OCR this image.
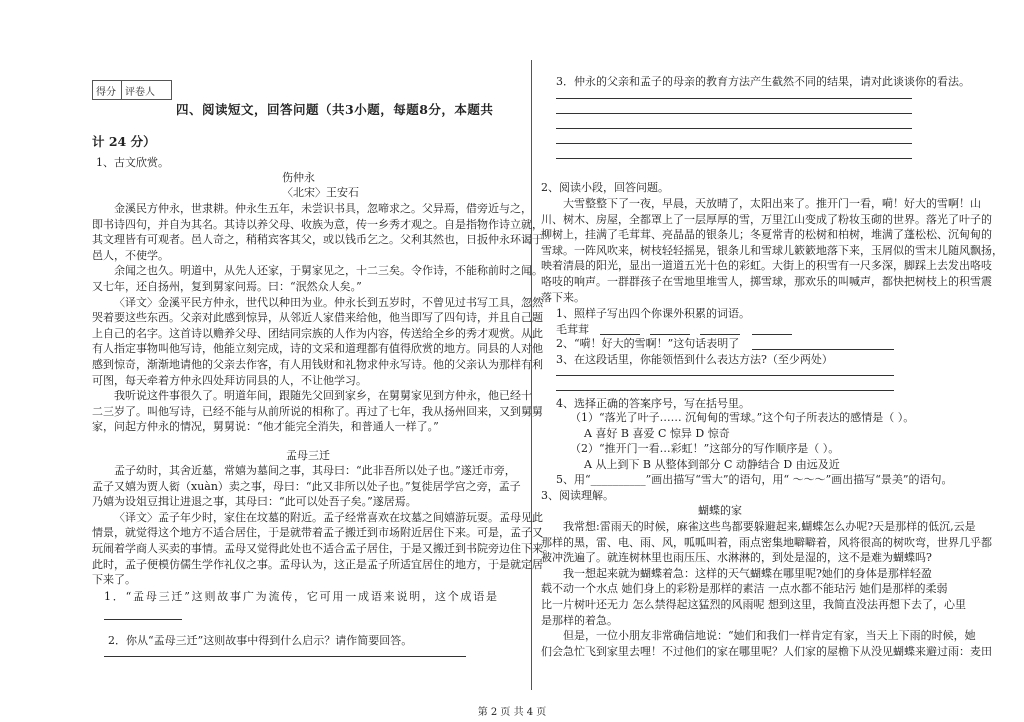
得分 评卷人
四、阅读短文，回答问题（共3小题，每题8分，本题共
计 24 分）
1、古文欣赏。
伤仲永
〈北宋〉王安石
金溪民方仲永，世隶耕。仲永生五年，未尝识书具，忽啼求之。父异焉，借旁近与之，
即书诗四句，并自为其名。其诗以养父母、收族为意，传一乡秀才观之。自是指物作诗立就，
其文理皆有可观者。邑人奇之，稍稍宾客其父，或以钱币乞之。父利其然也，日扳仲永环谒于
邑人，不使学。
余闻之也久。明道中，从先人还家，于舅家见之，十二三矣。令作诗，不能称前时之闻。
又七年，还自扬州，复到舅家问焉。曰：“泯然众人矣。”
〈译文〉金溪平民方仲永，世代以种田为业。仲永长到五岁时，不曾见过书写工具，忽然
哭着要这些东西。父亲对此感到惊异，从邻近人家借来给他，他当即写了四句诗，并且自己题
上自己的名字。这首诗以赡养父母、团结同宗族的人作为内容，传送给全乡的秀才观赏。从此
有人指定事物叫他写诗，他能立刻完成，诗的文采和道理都有值得欣赏的地方。同县的人对他
感到惊奇，渐渐地请他的父亲去作客，有人用钱财和礼物求仲永写诗。他的父亲认为那样有利
可图，每天牵着方仲永四处拜访同县的人，不让他学习。
我听说这件事很久了。明道年间，跟随先父回到家乡，在舅舅家见到方仲永，他已经十
二三岁了。叫他写诗，已经不能与从前所说的相称了。再过了七年，我从扬州回来，又到舅舅
家，问起方仲永的情况，舅舅说：“他才能完全消失，和普通人一样了。”
孟母三迁
孟子幼时，其舍近墓，常嬉为墓间之事，其母曰：“此非吾所以处子也。”遂迁市旁，
孟子又嬉为贾人衒（xuàn）卖之事，母曰：“此又非所以处子也。”复徙居学宫之旁，孟子
乃嬉为设俎豆揖让进退之事，其母曰：“此可以处吾子矣。”遂居焉。
〈译文〉孟子年少时，家住在坟墓的附近。孟子经常喜欢在坟墓之间嬉游玩耍。孟母见此
情景，就觉得这个地方不适合居住，于是就带着孟子搬迁到市场附近居住下来。可是，孟子又
玩闹着学商人买卖的事情。孟母又觉得此处也不适合孟子居住，于是又搬迁到书院旁边住下来。
此时，孟子便模仿儒生学作礼仪之事。孟母认为，这正是孟子所适宜居住的地方，于是就定居
下来了。
1．“孟母三迁”这则故事广为流传，它可用一成语来说明，这个成语是
2．你从“孟母三迁”这则故事中得到什么启示？请作简要回答。
3．仲永的父亲和孟子的母亲的教育方法产生截然不同的结果，请对此谈谈你的看法。
2、阅读小段，回答问题。
大雪整整下了一夜，早晨，天放晴了，太阳出来了。推开门一看，嗬！好大的雪啊！山
川、树木、房屋，全都罩上了一层厚厚的雪，万里江山变成了粉妆玉砌的世界。落光了叶子的
柳树上，挂满了毛茸茸、亮晶晶的银条儿；冬夏常青的松树和柏树，堆满了蓬松松、沉甸甸的
雪球。一阵风吹来，树枝轻轻摇晃，银条儿和雪球儿簌簌地落下来，玉屑似的雪末儿随风飘扬，
映着清晨的阳光，显出一道道五光十色的彩虹。大街上的积雪有一尺多深，脚踩上去发出咯吱
咯吱的响声。一群群孩子在雪地里堆雪人，掷雪球，那欢乐的叫喊声，都快把树枝上的积雪震
落下来。
1、照样子写出四个你课外积累的词语。
毛茸茸
2、“嗬！好大的雪啊！”这句话表明了
3、在这段话里，你能领悟到什么表达方法?（至少两处）
4、选择正确的答案序号，写在括号里。
（1）“落光了叶子…… 沉甸甸的雪球。”这个句子所表达的感情是（ ）。
A 喜好 B 喜爱 C 惊异 D 惊奇
（2）“推开门一看…彩虹！”这部分的写作顺序是（ ）。
A 从上到下 B 从整体到部分 C 动静结合 D 由远及近
5、用“__________”画出描写“雪大”的语句，用“ ～～～”画出描写“景美”的语句。
3、阅读理解。
蝴蝶的家
我常想:雷雨天的时候，麻雀这些鸟都要躲避起来,蝴蝶怎么办呢?天是那样的低沉,云是
那样的黑，雷、电、雨、风，呱呱叫着，雨点密集地噼噼着，风将很高的树吹弯，世界几乎都
被冲洗遍了。就连树林里也雨压压、水淋淋的，到处是湿的，这不是难为蝴蝶吗?
我一想起来就为蝴蝶着急：这样的天气蝴蝶在哪里呢?她们的身体是那样轻盈
载不动一个水点 她们身上的彩粉是那样的素洁 一点水都不能玷污 她们是那样的柔弱
比一片树叶还无力 怎么禁得起这猛烈的风雨呢 想到这里，我简直没法再想下去了，心里
是那样的着急。
但是，一位小朋友非常确信地说：“她们和我们一样肯定有家，当天上下雨的时候，她
们会急忙飞到家里去哩！不过他们的家在哪里呢？人们家的屋檐下从没见蝴蝶来避过雨：麦田
第 2 页 共 4 页
